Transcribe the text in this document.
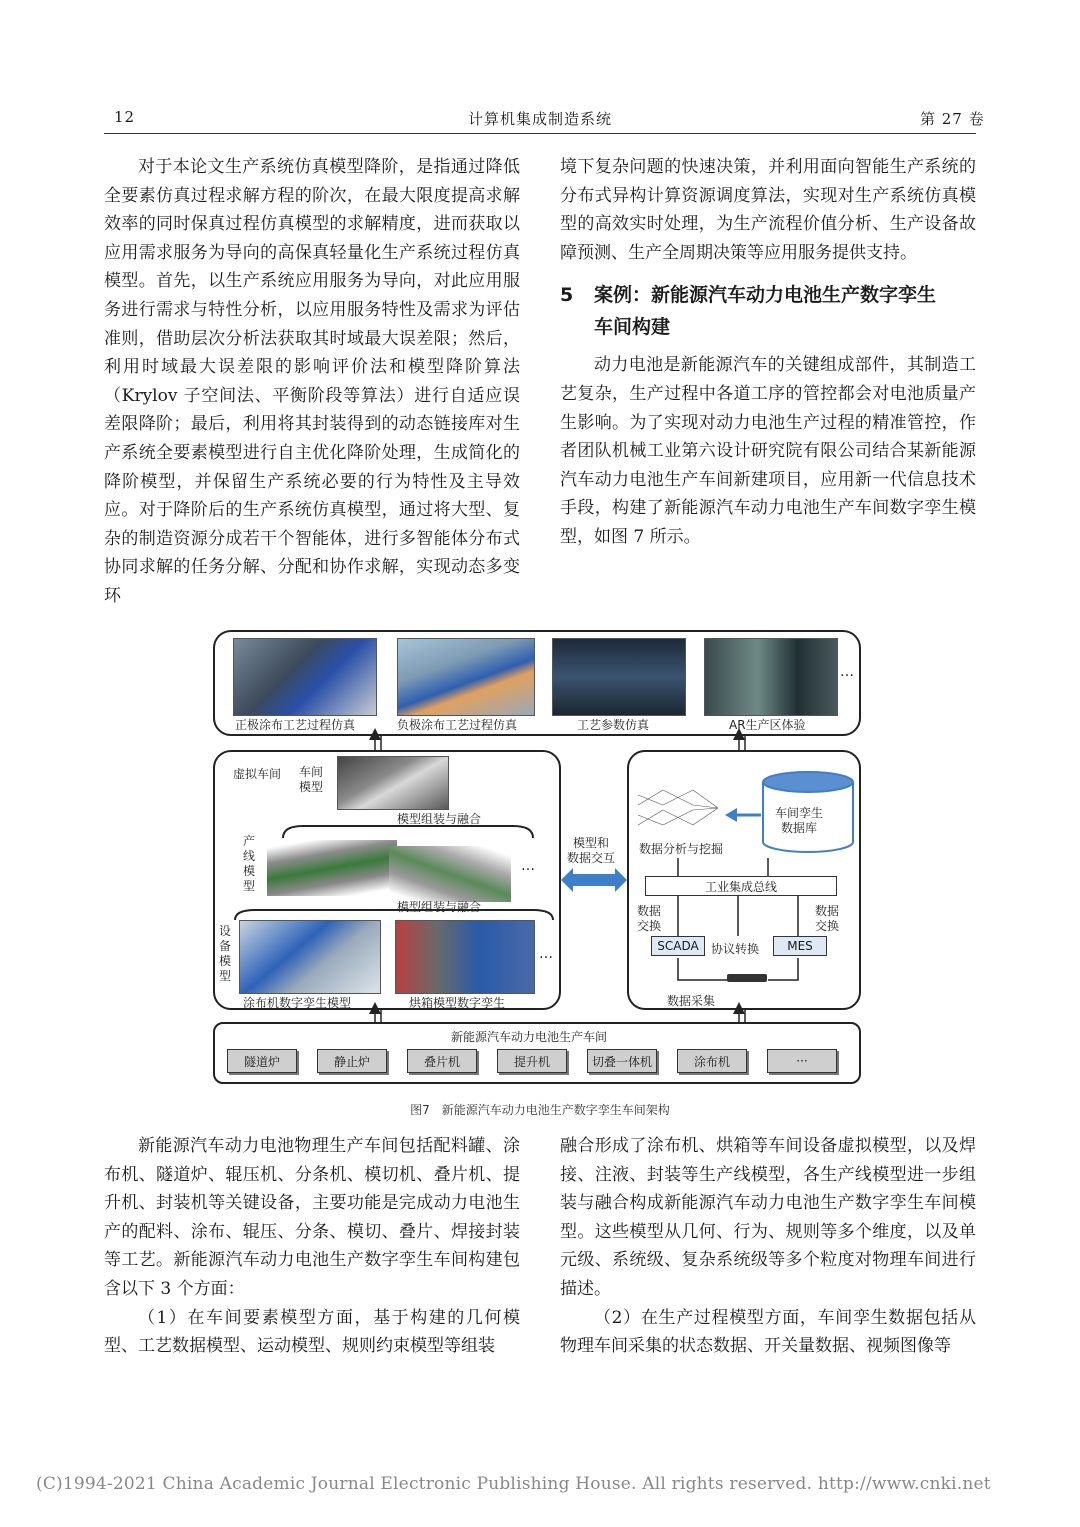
12	计算机集成制造系统	第 27 卷

对于本论文生产系统仿真模型降阶，是指通过降低全要素仿真过程求解方程的阶次，在最大限度提高求解效率的同时保真过程仿真模型的求解精度，进而获取以应用需求服务为导向的高保真轻量化生产系统过程仿真模型。首先，以生产系统应用服务为导向，对此应用服务进行需求与特性分析，以应用服务特性及需求为评估准则，借助层次分析法获取其时域最大误差限；然后，利用时域最大误差限的影响评价法和模型降阶算法（Krylov 子空间法、平衡阶段等算法）进行自适应误差限降阶；最后，利用将其封装得到的动态链接库对生产系统全要素模型进行自主优化降阶处理，生成简化的降阶模型，并保留生产系统必要的行为特性及主导效应。对于降阶后的生产系统仿真模型，通过将大型、复杂的制造资源分成若干个智能体，进行多智能体分布式协同求解的任务分解、分配和协作求解，实现动态多变环

境下复杂问题的快速决策，并利用面向智能生产系统的分布式异构计算资源调度算法，实现对生产系统仿真模型的高效实时处理，为生产流程价值分析、生产设备故障预测、生产全周期决策等应用服务提供支持。

5 案例：新能源汽车动力电池生产数字孪生
车间构建

动力电池是新能源汽车的关键组成部件，其制造工艺复杂，生产过程中各道工序的管控都会对电池质量产生影响。为了实现对动力电池生产过程的精准管控，作者团队机械工业第六设计研究院有限公司结合某新能源汽车动力电池生产车间新建项目，应用新一代信息技术手段，构建了新能源汽车动力电池生产车间数字孪生模型，如图 7 所示。

…
正极涂布工艺过程仿真	负极涂布工艺过程仿真	工艺参数仿真	AR生产区体验
虚拟车间 车间
模型
模型组装与融合
产
线
模
型
…
模型组装与融合
设
备
模
型
…
涂布机数字孪生模型	烘箱模型数字孪生
模型和
数据交互
车间孪生
数据库
数据分析与挖掘
工业集成总线
数据
交换
数据
交换
SCADA	协议转换	MES
数据采集
新能源汽车动力电池生产车间
隧道炉	静止炉	叠片机	提升机	切叠一体机	涂布机	···
图7　新能源汽车动力电池生产数字孪生车间架构

新能源汽车动力电池物理生产车间包括配料罐、涂布机、隧道炉、辊压机、分条机、模切机、叠片机、提升机、封装机等关键设备，主要功能是完成动力电池生产的配料、涂布、辊压、分条、模切、叠片、焊接封装等工艺。新能源汽车动力电池生产数字孪生车间构建包含以下 3 个方面：

（1）在车间要素模型方面，基于构建的几何模型、工艺数据模型、运动模型、规则约束模型等组装

融合形成了涂布机、烘箱等车间设备虚拟模型，以及焊接、注液、封装等生产线模型，各生产线模型进一步组装与融合构成新能源汽车动力电池生产数字孪生车间模型。这些模型从几何、行为、规则等多个维度，以及单元级、系统级、复杂系统级等多个粒度对物理车间进行描述。

（2）在生产过程模型方面，车间孪生数据包括从物理车间采集的状态数据、开关量数据、视频图像等

(C)1994-2021 China Academic Journal Electronic Publishing House. All rights reserved. http://www.cnki.net
